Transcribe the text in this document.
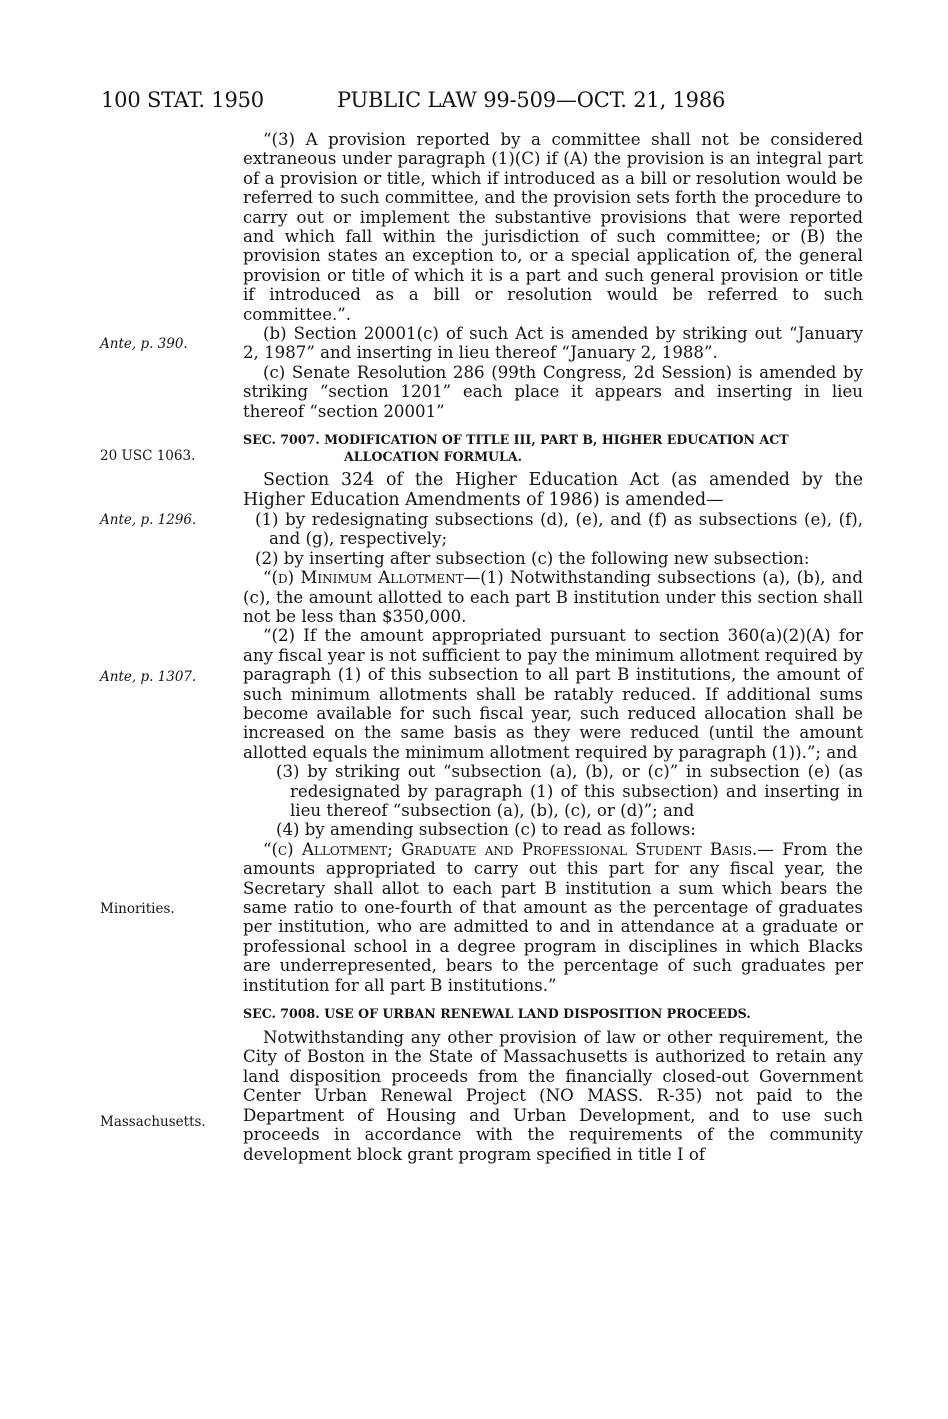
100 STAT. 1950	PUBLIC LAW 99-509—OCT. 21, 1986
Ante, p. 390.
20 USC 1063.
Ante, p. 1296.
Ante, p. 1307.
Minorities.
Massachusetts.

“(3) A provision reported by a committee shall not be considered extraneous under paragraph (1)(C) if (A) the provision is an integral part of a provision or title, which if introduced as a bill or resolution would be referred to such committee, and the provision sets forth the procedure to carry out or implement the substantive provisions that were reported and which fall within the jurisdiction of such committee; or (B) the provision states an exception to, or a special application of, the general provision or title of which it is a part and such general provision or title if introduced as a bill or resolution would be referred to such committee.”.

(b) Section 20001(c) of such Act is amended by striking out “January 2, 1987” and inserting in lieu thereof “January 2, 1988”.

(c) Senate Resolution 286 (99th Congress, 2d Session) is amended by striking “section 1201” each place it appears and inserting in lieu thereof “section 20001”

SEC. 7007. MODIFICATION OF TITLE III, PART B, HIGHER EDUCATION ACT
ALLOCATION FORMULA.

Section 324 of the Higher Education Act (as amended by the Higher Education Amendments of 1986) is amended—

(1) by redesignating subsections (d), (e), and (f) as subsections (e), (f), and (g), respectively;

(2) by inserting after subsection (c) the following new subsection:

“(d) Minimum Allotment—(1) Notwithstanding subsections (a), (b), and (c), the amount allotted to each part B institution under this section shall not be less than $350,000.

“(2) If the amount appropriated pursuant to section 360(a)(2)(A) for any fiscal year is not sufficient to pay the minimum allotment required by paragraph (1) of this subsection to all part B institutions, the amount of such minimum allotments shall be ratably reduced. If additional sums become available for such fiscal year, such reduced allocation shall be increased on the same basis as they were reduced (until the amount allotted equals the minimum allotment required by paragraph (1)).”; and

(3) by striking out “subsection (a), (b), or (c)” in subsection (e) (as redesignated by paragraph (1) of this subsection) and inserting in lieu thereof “subsection (a), (b), (c), or (d)”; and

(4) by amending subsection (c) to read as follows:

“(c) Allotment; Graduate and Professional Student Basis.— From the amounts appropriated to carry out this part for any fiscal year, the Secretary shall allot to each part B institution a sum which bears the same ratio to one-fourth of that amount as the percentage of graduates per institution, who are admitted to and in attendance at a graduate or professional school in a degree program in disciplines in which Blacks are underrepresented, bears to the percentage of such graduates per institution for all part B institutions.”

SEC. 7008. USE OF URBAN RENEWAL LAND DISPOSITION PROCEEDS.

Notwithstanding any other provision of law or other requirement, the City of Boston in the State of Massachusetts is authorized to retain any land disposition proceeds from the financially closed-out Government Center Urban Renewal Project (NO MASS. R-35) not paid to the Department of Housing and Urban Development, and to use such proceeds in accordance with the requirements of the community development block grant program specified in title I of
